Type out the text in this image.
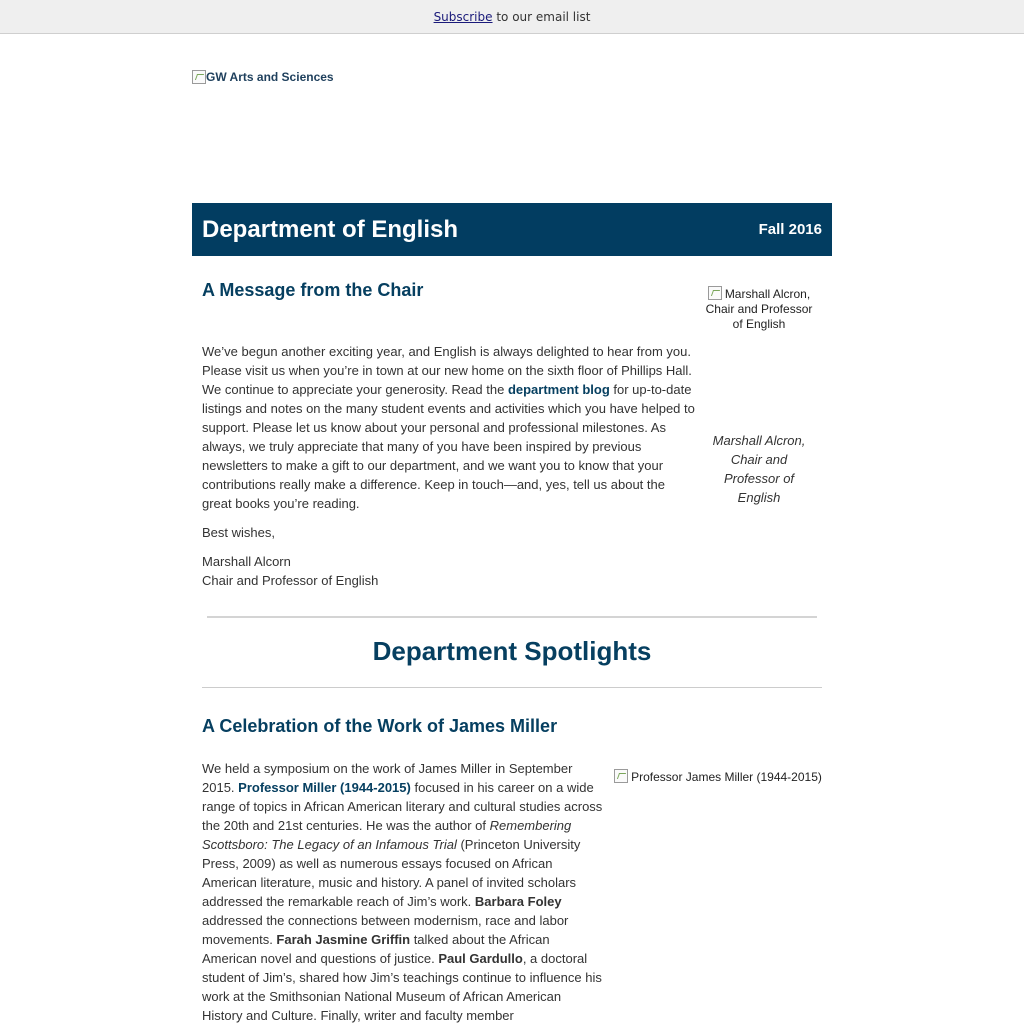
Subscribe to our email list
GW Arts and Sciences
Department of English	Fall 2016
A Message from the Chair	Marshall Alcron, Chair and Professor of English
Marshall Alcron, Chair and Professor of English

We’ve begun another exciting year, and English is always delighted to hear from you. Please visit us when you’re in town at our new home on the sixth floor of Phillips Hall. We continue to appreciate your generosity. Read the department blog for up-to-date listings and notes on the many student events and activities which you have helped to support. Please let us know about your personal and professional milestones. As always, we truly appreciate that many of you have been inspired by previous newsletters to make a gift to our department, and we want you to know that your contributions really make a difference. Keep in touch—and, yes, tell us about the great books you’re reading.

Best wishes,

Marshall Alcorn

Chair and Professor of English

Department Spotlights
A Celebration of the Work of James Miller
Professor James Miller (1944-2015)

We held a symposium on the work of James Miller in September 2015. Professor Miller (1944-2015) focused in his career on a wide range of topics in African American literary and cultural studies across the 20th and 21st centuries. He was the author of Remembering Scottsboro: The Legacy of an Infamous Trial (Princeton University Press, 2009) as well as numerous essays focused on African American literature, music and history. A panel of invited scholars addressed the remarkable reach of Jim’s work. Barbara Foley addressed the connections between modernism, race and labor movements. Farah Jasmine Griffin talked about the African American novel and questions of justice. Paul Gardullo, a doctoral student of Jim’s, shared how Jim’s teachings continue to influence his work at the Smithsonian National Museum of African American History and Culture. Finally, writer and faculty member
